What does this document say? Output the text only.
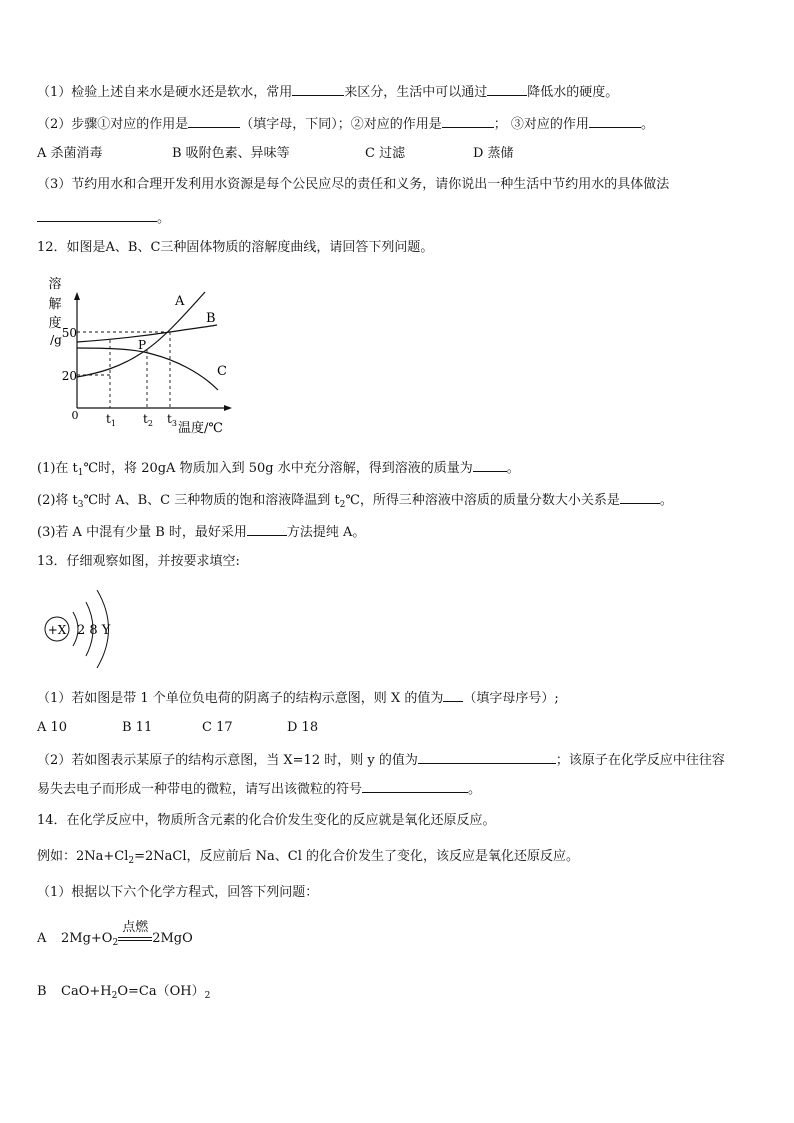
（1）检验上述自来水是硬水还是软水，常用	来区分，生活中可以通过	降低水的硬度。
（2）步骤①对应的作用是	（填字母，下同）；②对应的作用是	； ③对应的作用	。
A 杀菌消毒	B 吸附色素、异味等	C 过滤	D 蒸储
（3）节约用水和合理开发利用水资源是每个公民应尽的责任和义务，请你说出一种生活中节约用水的具体做法
。
12．如图是A、B、C三种固体物质的溶解度曲线，请回答下列问题。
溶
解
度
/g
0
50
20
A
B
C
P
$t_1$ $t_2$ $t_3$ 温度/℃
(1)在 $t_1℃$时，将 20gA 物质加入到 50g 水中充分溶解，得到溶液的质量为	。
(2)将 $t_3℃$时 A、B、C 三种物质的饱和溶液降温到 $t_2℃$，所得三种溶液中溶质的质量分数大小关系是	。
(3)若 A 中混有少量 B 时，最好采用	方法提纯 A。
13．仔细观察如图，并按要求填空:
+X 2 8 Y
（1）若如图是带 1 个单位负电荷的阴离子的结构示意图，则 X 的值为 （填字母序号）;
A 10	B 11	C 17	D 18
（2）若如图表示某原子的结构示意图，当 X=12 时，则 y 的值为	；该原子在化学反应中往往容
易失去电子而形成一种带电的微粒，请写出该微粒的符号	。
14．在化学反应中，物质所含元素的化合价发生变化的反应就是氧化还原反应。
例如：$2Na+Cl_2=2NaCl$，反应前后 Na、Cl 的化合价发生了变化，该反应是氧化还原反应。
（1）根据以下六个化学方程式，回答下列问题：
A $2Mg+O_2$
点燃
2MgO
B $CaO+H_2O=Ca(OH)_2$
